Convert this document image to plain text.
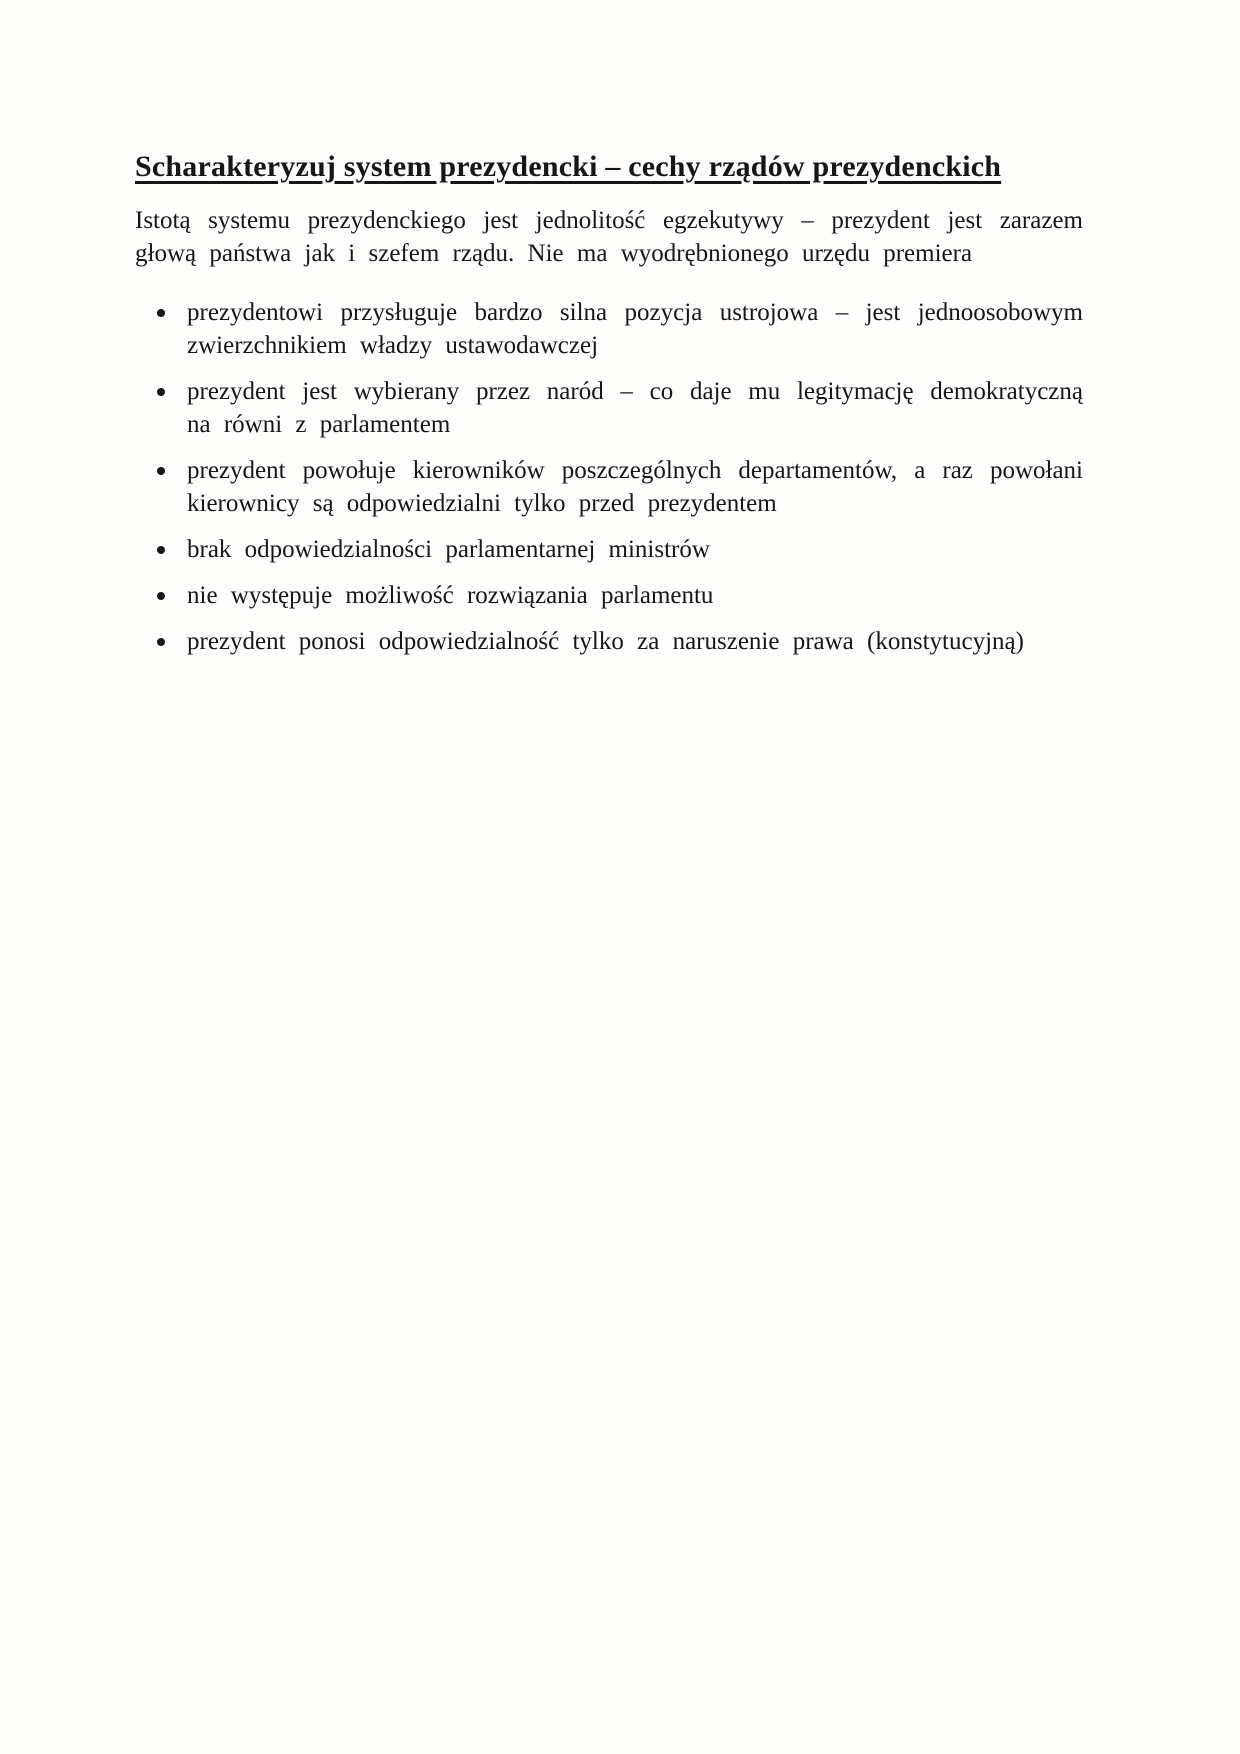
Scharakteryzuj system prezydencki – cechy rządów prezydenckich

Istotą systemu prezydenckiego jest jednolitość egzekutywy – prezydent jest zarazem głową państwa jak i szefem rządu. Nie ma wyodrębnionego urzędu premiera

prezydentowi przysługuje bardzo silna pozycja ustrojowa – jest jednoosobowym zwierzchnikiem władzy ustawodawczej
prezydent jest wybierany przez naród – co daje mu legitymację demokratyczną na równi z parlamentem
prezydent powołuje kierowników poszczególnych departamentów, a raz powołani kierownicy są odpowiedzialni tylko przed prezydentem
brak odpowiedzialności parlamentarnej ministrów
nie występuje możliwość rozwiązania parlamentu
prezydent ponosi odpowiedzialność tylko za naruszenie prawa (konstytucyjną)
